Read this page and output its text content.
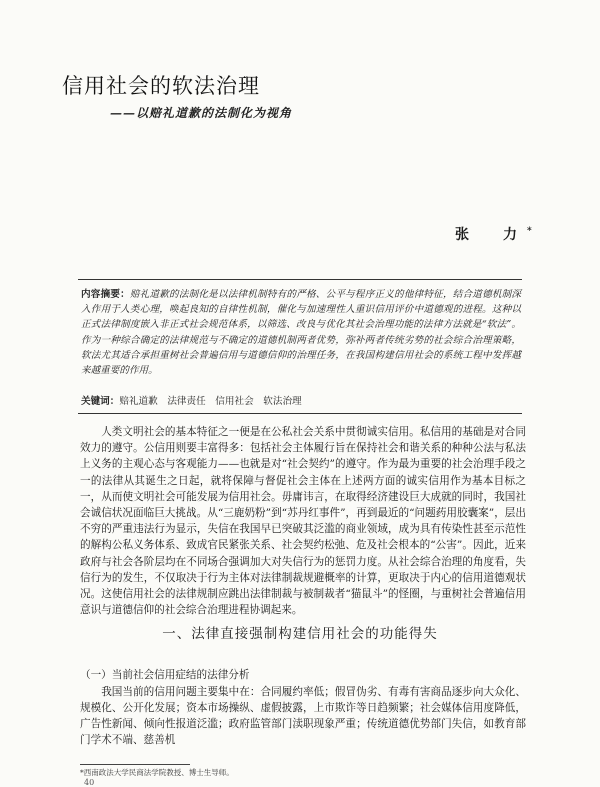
信用社会的软法治理
——以赔礼道歉的法制化为视角
张　力*
内容摘要：赔礼道歉的法制化是以法律机制特有的严格、公平与程序正义的他律特征，结合道德机制深入作用于人类心理，唤起良知的自律性机制，催化与加速理性人重识信用评价中道德观的进程。这种以正式法律制度嵌入非正式社会规范体系，以筛选、改良与优化其社会治理功能的法律方法就是“软法”。作为一种综合确定的法律规范与不确定的道德机制两者优势，弥补两者传统劣势的社会综合治理策略，软法尤其适合承担重树社会普遍信用与道德信仰的治理任务，在我国构建信用社会的系统工程中发挥越来越重要的作用。
关键词：赔礼道歉　法律责任　信用社会　软法治理
人类文明社会的基本特征之一便是在公私社会关系中贯彻诚实信用。私信用的基础是对合同效力的遵守。公信用则要丰富得多：包括社会主体履行旨在保持社会和谐关系的种种公法与私法上义务的主观心态与客观能力——也就是对“社会契约”的遵守。作为最为重要的社会治理手段之一的法律从其诞生之日起，就将保障与督促社会主体在上述两方面的诚实信用作为基本目标之一，从而使文明社会可能发展为信用社会。毋庸讳言，在取得经济建设巨大成就的同时，我国社会诚信状况面临巨大挑战。从“三鹿奶粉”到“苏丹红事件”，再到最近的“问题药用胶囊案”，层出不穷的严重违法行为显示，失信在我国早已突破其泛滥的商业领域，成为具有传染性甚至示范性的解构公私义务体系、致成官民紧张关系、社会契约松弛、危及社会根本的“公害”。因此，近来政府与社会各阶层均在不同场合强调加大对失信行为的惩罚力度。从社会综合治理的角度看，失信行为的发生，不仅取决于行为主体对法律制裁规避概率的计算，更取决于内心的信用道德观状况。这使信用社会的法律规制应跳出法律制裁与被制裁者“猫鼠斗”的怪圈，与重树社会普遍信用意识与道德信仰的社会综合治理进程协调起来。
一、法律直接强制构建信用社会的功能得失
（一）当前社会信用症结的法律分析
我国当前的信用问题主要集中在：合同履约率低；假冒伪劣、有毒有害商品逐步向大众化、规模化、公开化发展；资本市场操纵、虚假披露，上市欺诈等日趋频繁；社会媒体信用度降低，广告性新闻、倾向性报道泛滥；政府监管部门渎职现象严重；传统道德优势部门失信，如教育部门学术不端、慈善机
*西南政法大学民商法学院教授、博士生导师。
40
